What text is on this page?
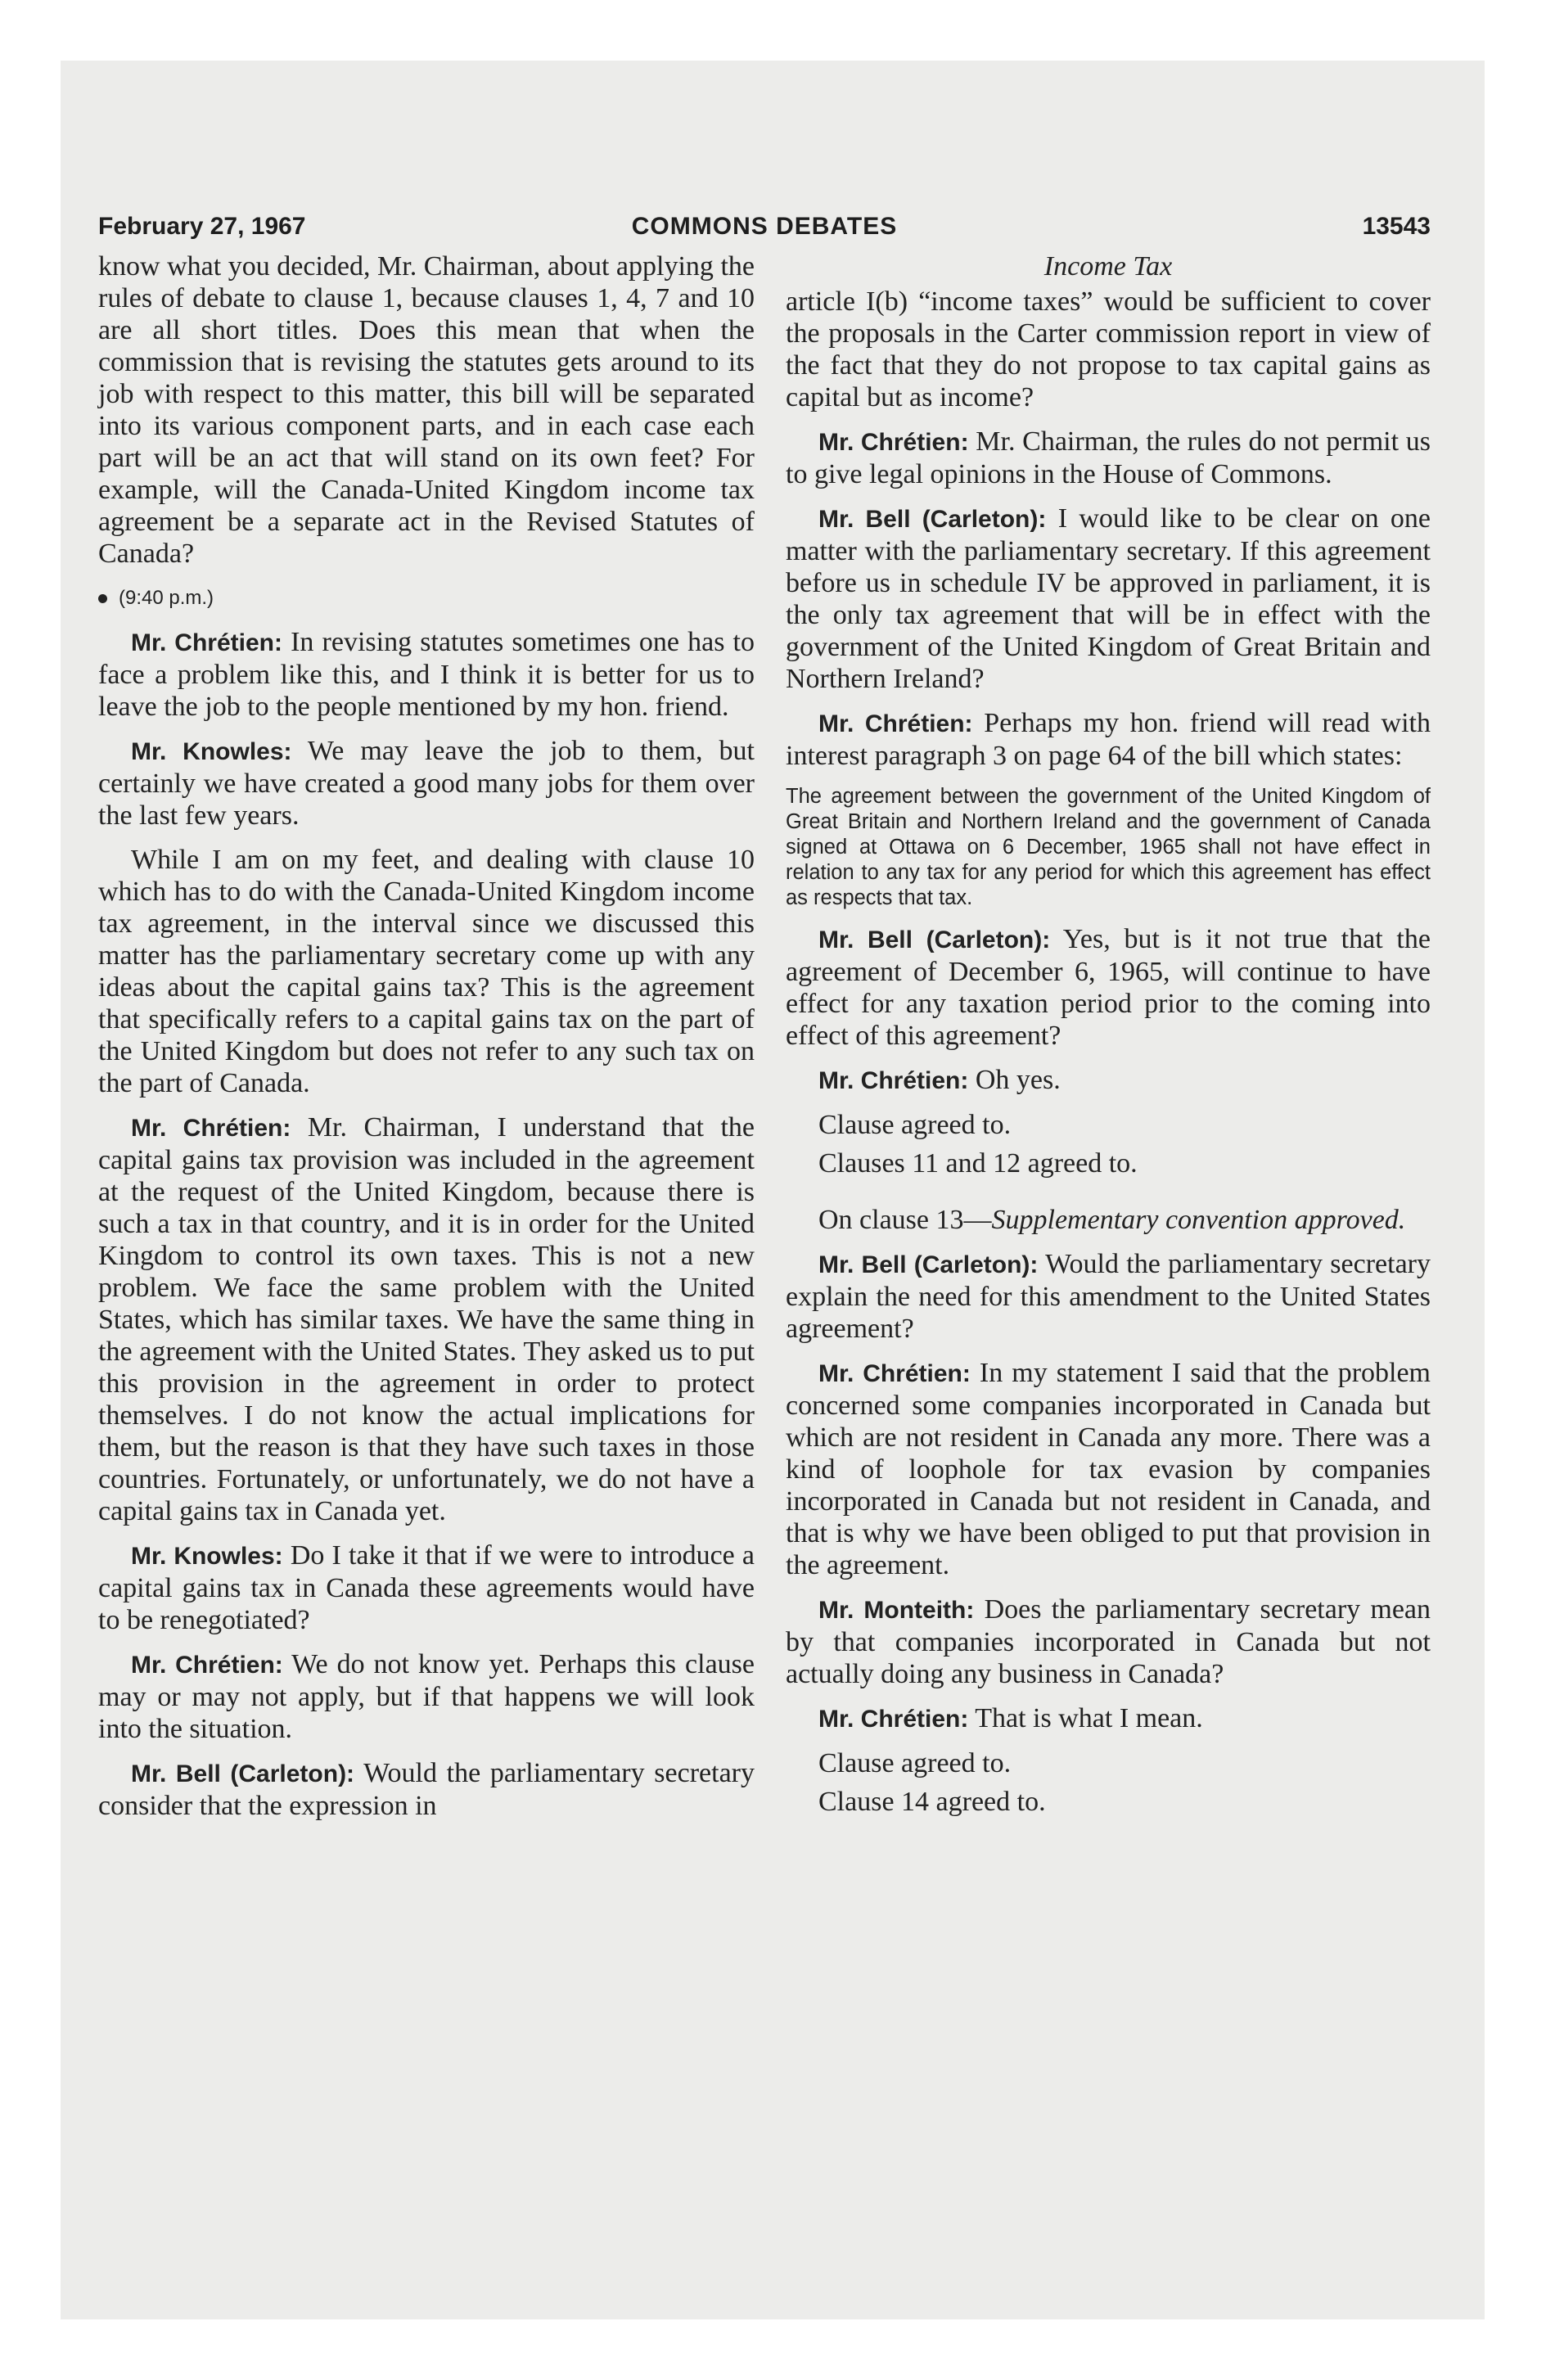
February 27, 1967	COMMONS DEBATES	13543

know what you decided, Mr. Chairman, about applying the rules of debate to clause 1, because clauses 1, 4, 7 and 10 are all short titles. Does this mean that when the commission that is revising the statutes gets around to its job with respect to this matter, this bill will be separated into its various component parts, and in each case each part will be an act that will stand on its own feet? For example, will the Canada-United Kingdom income tax agreement be a separate act in the Revised Statutes of Canada?

(9:40 p.m.)

Mr. Chrétien: In revising statutes sometimes one has to face a problem like this, and I think it is better for us to leave the job to the people mentioned by my hon. friend.

Mr. Knowles: We may leave the job to them, but certainly we have created a good many jobs for them over the last few years.

While I am on my feet, and dealing with clause 10 which has to do with the Canada-United Kingdom income tax agreement, in the interval since we discussed this matter has the parliamentary secretary come up with any ideas about the capital gains tax? This is the agreement that specifically refers to a capital gains tax on the part of the United Kingdom but does not refer to any such tax on the part of Canada.

Mr. Chrétien: Mr. Chairman, I understand that the capital gains tax provision was included in the agreement at the request of the United Kingdom, because there is such a tax in that country, and it is in order for the United Kingdom to control its own taxes. This is not a new problem. We face the same problem with the United States, which has similar taxes. We have the same thing in the agreement with the United States. They asked us to put this provision in the agreement in order to protect themselves. I do not know the actual implications for them, but the reason is that they have such taxes in those countries. Fortunately, or unfortunately, we do not have a capital gains tax in Canada yet.

Mr. Knowles: Do I take it that if we were to introduce a capital gains tax in Canada these agreements would have to be renegotiated?

Mr. Chrétien: We do not know yet. Perhaps this clause may or may not apply, but if that happens we will look into the situation.

Mr. Bell (Carleton): Would the parliamentary secretary consider that the expression in

Income Tax

article I(b) “income taxes” would be sufficient to cover the proposals in the Carter commission report in view of the fact that they do not propose to tax capital gains as capital but as income?

Mr. Chrétien: Mr. Chairman, the rules do not permit us to give legal opinions in the House of Commons.

Mr. Bell (Carleton): I would like to be clear on one matter with the parliamentary secretary. If this agreement before us in schedule IV be approved in parliament, it is the only tax agreement that will be in effect with the government of the United Kingdom of Great Britain and Northern Ireland?

Mr. Chrétien: Perhaps my hon. friend will read with interest paragraph 3 on page 64 of the bill which states:

The agreement between the government of the United Kingdom of Great Britain and Northern Ireland and the government of Canada signed at Ottawa on 6 December, 1965 shall not have effect in relation to any tax for any period for which this agreement has effect as respects that tax.

Mr. Bell (Carleton): Yes, but is it not true that the agreement of December 6, 1965, will continue to have effect for any taxation period prior to the coming into effect of this agreement?

Mr. Chrétien: Oh yes.

Clause agreed to.

Clauses 11 and 12 agreed to.

On clause 13—Supplementary convention approved.

Mr. Bell (Carleton): Would the parliamentary secretary explain the need for this amendment to the United States agreement?

Mr. Chrétien: In my statement I said that the problem concerned some companies incorporated in Canada but which are not resident in Canada any more. There was a kind of loophole for tax evasion by companies incorporated in Canada but not resident in Canada, and that is why we have been obliged to put that provision in the agreement.

Mr. Monteith: Does the parliamentary secretary mean by that companies incorporated in Canada but not actually doing any business in Canada?

Mr. Chrétien: That is what I mean.

Clause agreed to.

Clause 14 agreed to.
